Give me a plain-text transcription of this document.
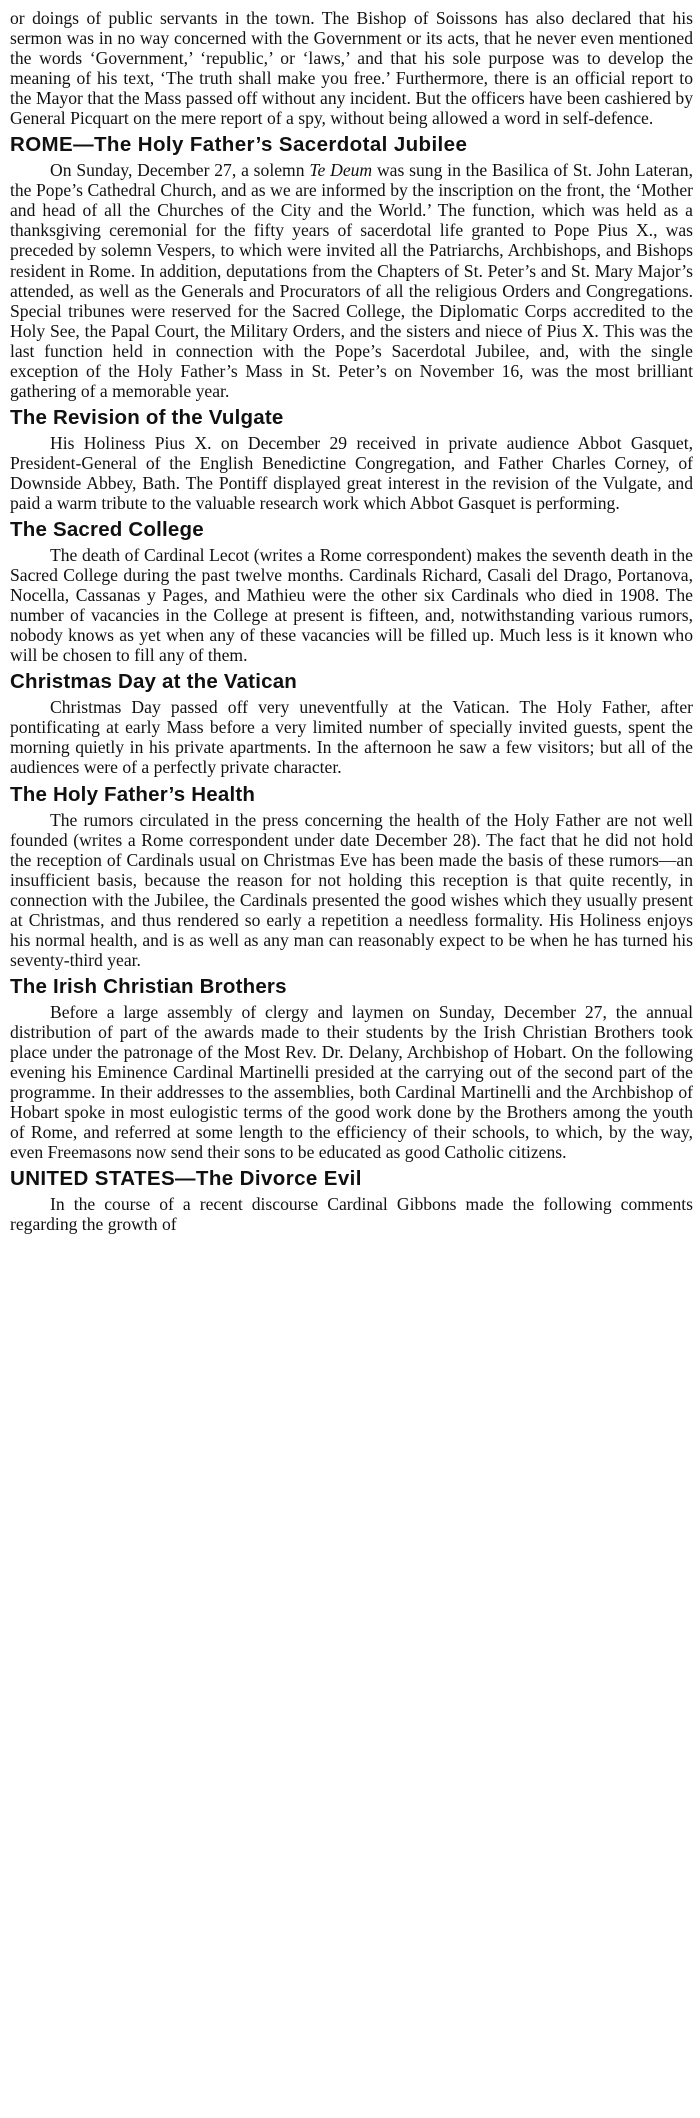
or doings of public servants in the town. The Bishop of Soissons has also declared that his sermon was in no way concerned with the Government or its acts, that he never even mentioned the words ‘Government,’ ‘republic,’ or ‘laws,’ and that his sole purpose was to develop the meaning of his text, ‘The truth shall make you free.’ Furthermore, there is an official report to the Mayor that the Mass passed off without any incident. But the officers have been cashiered by General Picquart on the mere report of a spy, without being allowed a word in self-defence.

ROME—The Holy Father’s Sacerdotal Jubilee

On Sunday, December 27, a solemn Te Deum was sung in the Basilica of St. John Lateran, the Pope’s Cathedral Church, and as we are informed by the inscription on the front, the ‘Mother and head of all the Churches of the City and the World.’ The function, which was held as a thanksgiving ceremonial for the fifty years of sacerdotal life granted to Pope Pius X., was preceded by solemn Vespers, to which were invited all the Patriarchs, Archbishops, and Bishops resident in Rome. In addition, deputations from the Chapters of St. Peter’s and St. Mary Major’s attended, as well as the Generals and Procurators of all the religious Orders and Congregations. Special tribunes were reserved for the Sacred College, the Diplomatic Corps accredited to the Holy See, the Papal Court, the Military Orders, and the sisters and niece of Pius X. This was the last function held in connection with the Pope’s Sacerdotal Jubilee, and, with the single exception of the Holy Father’s Mass in St. Peter’s on November 16, was the most brilliant gathering of a memorable year.

The Revision of the Vulgate

His Holiness Pius X. on December 29 received in private audience Abbot Gasquet, President-General of the English Benedictine Congregation, and Father Charles Corney, of Downside Abbey, Bath. The Pontiff displayed great interest in the revision of the Vulgate, and paid a warm tribute to the valuable research work which Abbot Gasquet is performing.

The Sacred College

The death of Cardinal Lecot (writes a Rome correspondent) makes the seventh death in the Sacred College during the past twelve months. Cardinals Richard, Casali del Drago, Portanova, Nocella, Cassanas y Pages, and Mathieu were the other six Cardinals who died in 1908. The number of vacancies in the College at present is fifteen, and, notwithstanding various rumors, nobody knows as yet when any of these vacancies will be filled up. Much less is it known who will be chosen to fill any of them.

Christmas Day at the Vatican

Christmas Day passed off very uneventfully at the Vatican. The Holy Father, after pontificating at early Mass before a very limited number of specially invited guests, spent the morning quietly in his private apartments. In the afternoon he saw a few visitors; but all of the audiences were of a perfectly private character.

The Holy Father’s Health

The rumors circulated in the press concerning the health of the Holy Father are not well founded (writes a Rome correspondent under date December 28). The fact that he did not hold the reception of Cardinals usual on Christmas Eve has been made the basis of these rumors—an insufficient basis, because the reason for not holding this reception is that quite recently, in connection with the Jubilee, the Cardinals presented the good wishes which they usually present at Christmas, and thus rendered so early a repetition a needless formality. His Holiness enjoys his normal health, and is as well as any man can reasonably expect to be when he has turned his seventy-third year.

The Irish Christian Brothers

Before a large assembly of clergy and laymen on Sunday, December 27, the annual distribution of part of the awards made to their students by the Irish Christian Brothers took place under the patronage of the Most Rev. Dr. Delany, Archbishop of Hobart. On the following evening his Eminence Cardinal Martinelli presided at the carrying out of the second part of the programme. In their addresses to the assemblies, both Cardinal Martinelli and the Archbishop of Hobart spoke in most eulogistic terms of the good work done by the Brothers among the youth of Rome, and referred at some length to the efficiency of their schools, to which, by the way, even Freemasons now send their sons to be educated as good Catholic citizens.

UNITED STATES—The Divorce Evil

In the course of a recent discourse Cardinal Gibbons made the following comments regarding the growth of
